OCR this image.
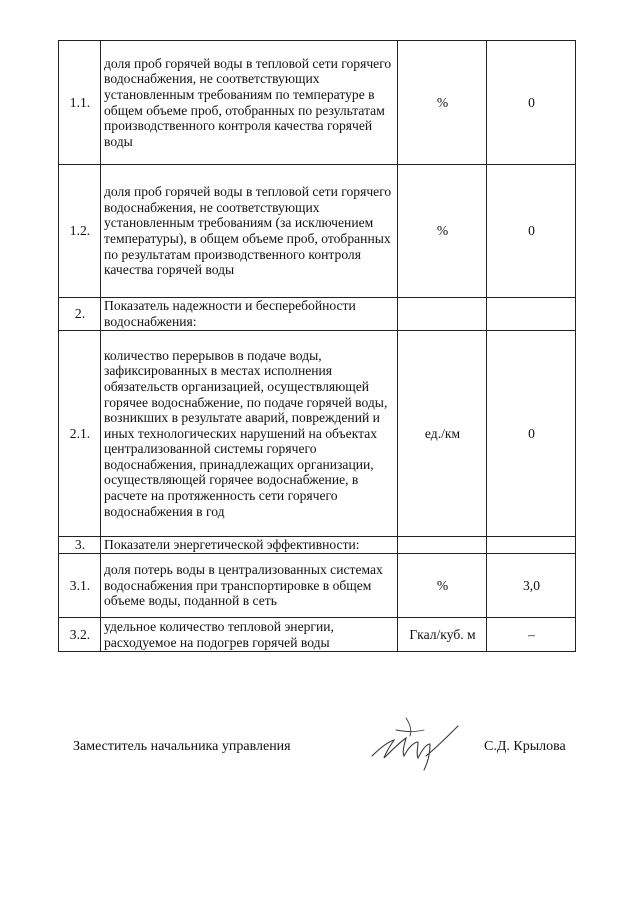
1.1.	доля проб горячей воды в тепловой сети горячего водоснабжения, не соответствующих установленным требованиям по температуре в общем объеме проб, отобранных по результатам производственного контроля качества горячей воды	%	0
1.2.	доля проб горячей воды в тепловой сети горячего водоснабжения, не соответствующих установленным требованиям (за исключением температуры), в общем объеме проб, отобранных по результатам производственного контроля качества горячей воды	%	0
2.	Показатель надежности и бесперебойности водоснабжения:		
2.1.	количество перерывов в подаче воды, зафиксированных в местах исполнения обязательств организацией, осуществляющей горячее водоснабжение, по подаче горячей воды, возникших в результате аварий, повреждений и иных технологических нарушений на объектах централизованной системы горячего водоснабжения, принадлежащих организации, осуществляющей горячее водоснабжение, в расчете на протяженность сети горячего водоснабжения в год	ед./км	0
3.	Показатели энергетической эффективности:		
3.1.	доля потерь воды в централизованных системах водоснабжения при транспортировке в общем объеме воды, поданной в сеть	%	3,0
3.2.	удельное количество тепловой энергии, расходуемое на подогрев горячей воды	Гкал/куб. м	–
Заместитель начальника управления	С.Д. Крылова
